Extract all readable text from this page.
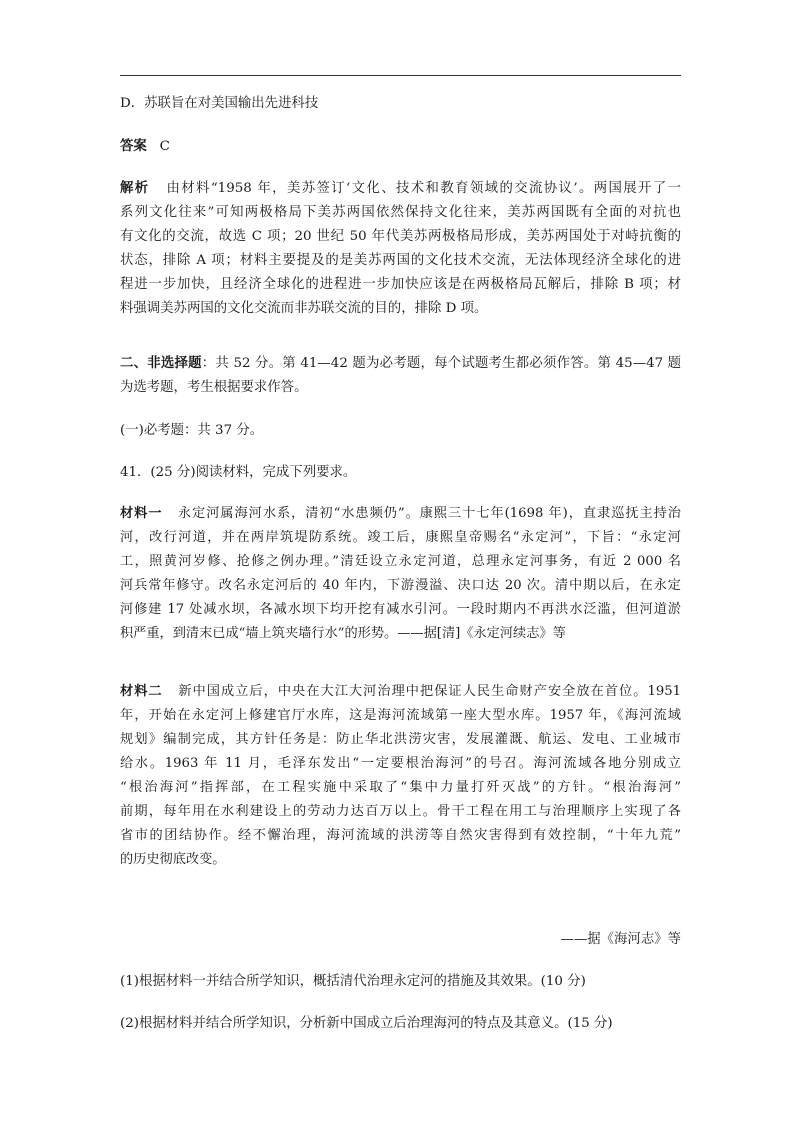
D．苏联旨在对美国输出先进科技
答案 C
解析 由材料“1958 年，美苏签订‘文化、技术和教育领域的交流协议’。两国展开了一
系列文化往来”可知两极格局下美苏两国依然保持文化往来，美苏两国既有全面的对抗也
有文化的交流，故选 C 项；20 世纪 50 年代美苏两极格局形成，美苏两国处于对峙抗衡的
状态，排除 A 项；材料主要提及的是美苏两国的文化技术交流，无法体现经济全球化的进
程进一步加快，且经济全球化的进程进一步加快应该是在两极格局瓦解后，排除 B 项；材
料强调美苏两国的文化交流而非苏联交流的目的，排除 D 项。
二、非选择题：共 52 分。第 41—42 题为必考题，每个试题考生都必须作答。第 45—47 题
为选考题，考生根据要求作答。
(一)必考题：共 37 分。
41．(25 分)阅读材料，完成下列要求。
材料一 永定河属海河水系，清初“水患频仍”。康熙三十七年(1698 年)，直隶巡抚主持治
河，改行河道，并在两岸筑堤防系统。竣工后，康熙皇帝赐名“永定河”，下旨：“永定河
工，照黄河岁修、抢修之例办理。”清廷设立永定河道，总理永定河事务，有近 2 000 名
河兵常年修守。改名永定河后的 40 年内，下游漫溢、决口达 20 次。清中期以后，在永定
河修建 17 处减水坝，各减水坝下均开挖有减水引河。一段时期内不再洪水泛滥，但河道淤
积严重，到清末已成“墙上筑夹墙行水”的形势。——据[清]《永定河续志》等
材料二 新中国成立后，中央在大江大河治理中把保证人民生命财产安全放在首位。1951
年，开始在永定河上修建官厅水库，这是海河流域第一座大型水库。1957 年，《海河流域
规划》编制完成，其方针任务是：防止华北洪涝灾害，发展灌溉、航运、发电、工业城市
给水。1963 年 11 月，毛泽东发出“一定要根治海河”的号召。海河流域各地分别成立
“根治海河”指挥部，在工程实施中采取了“集中力量打歼灭战”的方针。“根治海河”
前期，每年用在水利建设上的劳动力达百万以上。骨干工程在用工与治理顺序上实现了各
省市的团结协作。经不懈治理，海河流域的洪涝等自然灾害得到有效控制，“十年九荒”
的历史彻底改变。
——据《海河志》等
(1)根据材料一并结合所学知识，概括清代治理永定河的措施及其效果。(10 分)
(2)根据材料并结合所学知识，分析新中国成立后治理海河的特点及其意义。(15 分)
